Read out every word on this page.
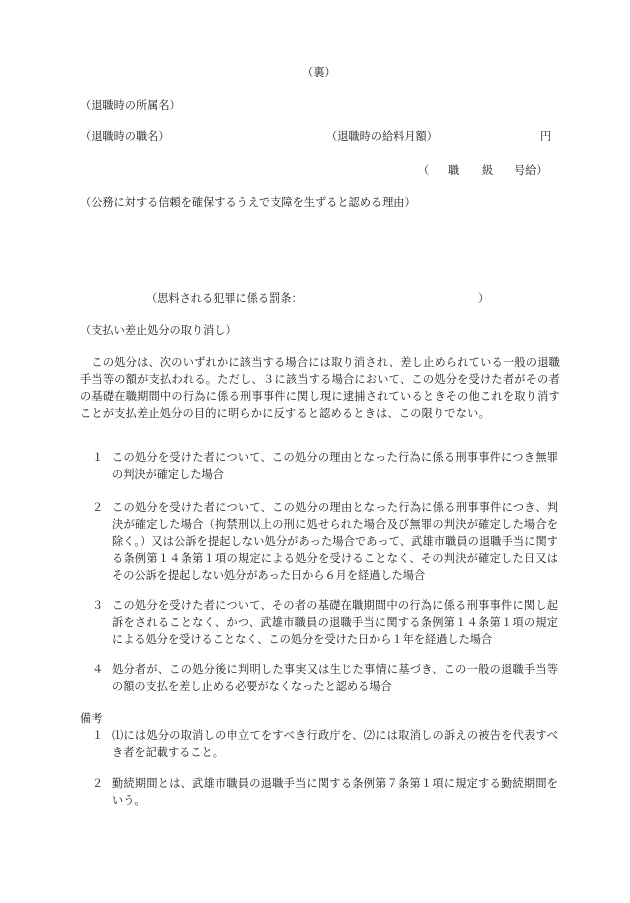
（裏）
（退職時の所属名）
（退職時の職名）	（退職時の給料月額）	円
（ 職 級 号給）
（公務に対する信頼を確保するうえで支障を生ずると認める理由）
（思料される犯罪に係る罰条：	）
（支払い差止処分の取り消し）
　この処分は、次のいずれかに該当する場合には取り消され、差し止められている一般の退職手当等の額が支払われる。ただし、３に該当する場合において、この処分を受けた者がその者の基礎在職期間中の行為に係る刑事事件に関し現に逮捕されているときその他これを取り消すことが支払差止処分の目的に明らかに反すると認めるときは、この限りでない。
１ この処分を受けた者について、この処分の理由となった行為に係る刑事事件につき無罪の判決が確定した場合
２ この処分を受けた者について、この処分の理由となった行為に係る刑事事件につき、判決が確定した場合（拘禁刑以上の刑に処せられた場合及び無罪の判決が確定した場合を除く。）又は公訴を提起しない処分があった場合であって、武雄市職員の退職手当に関する条例第１４条第１項の規定による処分を受けることなく、その判決が確定した日又はその公訴を提起しない処分があった日から６月を経過した場合
３ この処分を受けた者について、その者の基礎在職期間中の行為に係る刑事事件に関し起訴をされることなく、かつ、武雄市職員の退職手当に関する条例第１４条第１項の規定による処分を受けることなく、この処分を受けた日から１年を経過した場合
４ 処分者が、この処分後に判明した事実又は生じた事情に基づき、この一般の退職手当等の額の支払を差し止める必要がなくなったと認める場合
備考
１ ⑴には処分の取消しの申立てをすべき行政庁を、⑵には取消しの訴えの被告を代表すべき者を記載すること。
２ 勤続期間とは、武雄市職員の退職手当に関する条例第７条第１項に規定する勤続期間をいう。
